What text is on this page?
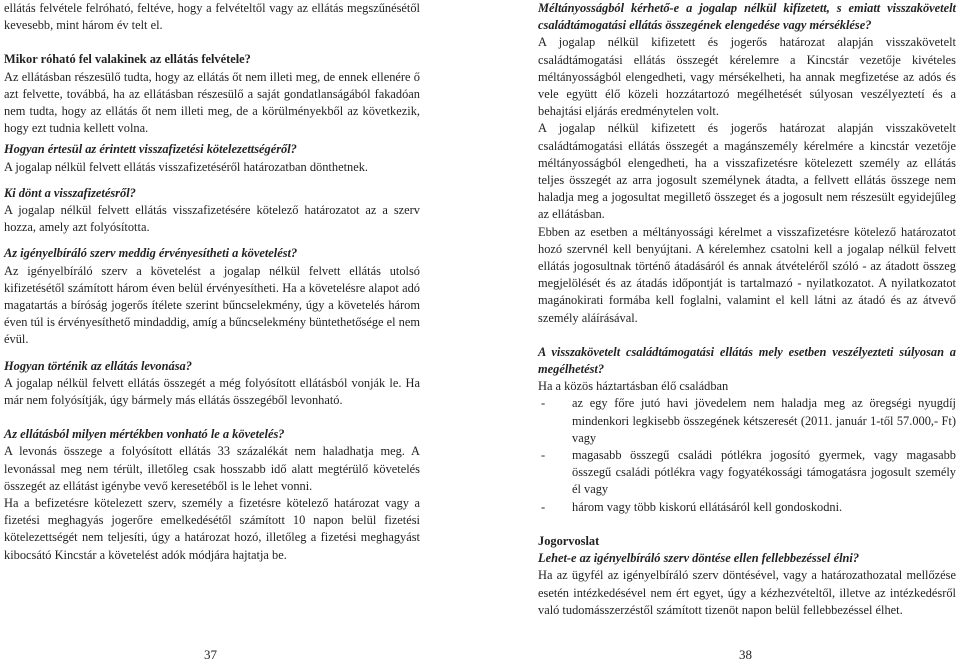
ellátás felvétele felróható, feltéve, hogy a felvételtől vagy az ellátás megszűnésétől kevesebb, mint három év telt el.

Mikor róható fel valakinek az ellátás felvétele?

Az ellátásban részesülő tudta, hogy az ellátás őt nem illeti meg, de ennek ellenére ő azt felvette, továbbá, ha az ellátásban részesülő a saját gondatlanságából fakadóan nem tudta, hogy az ellátás őt nem illeti meg, de a körülményekből az következik, hogy ezt tudnia kellett volna.

Hogyan értesül az érintett visszafizetési kötelezettségéről?

A jogalap nélkül felvett ellátás visszafizetéséről határozatban dönthetnek.

Ki dönt a visszafizetésről?

A jogalap nélkül felvett ellátás visszafizetésére kötelező határozatot az a szerv hozza, amely azt folyósította.

Az igényelbíráló szerv meddig érvényesítheti a követelést?

Az igényelbíráló szerv a követelést a jogalap nélkül felvett ellátás utolsó kifizetésétől számított három éven belül érvényesítheti. Ha a követelésre alapot adó magatartás a bíróság jogerős ítélete szerint bűncselekmény, úgy a követelés három éven túl is érvényesíthető mindaddig, amíg a bűncselekmény büntethetősége el nem évül.

Hogyan történik az ellátás levonása?

A jogalap nélkül felvett ellátás összegét a még folyósított ellátásból vonják le. Ha már nem folyósítják, úgy bármely más ellátás összegéből levonható.

Az ellátásból milyen mértékben vonható le a követelés?

A levonás összege a folyósított ellátás 33 százalékát nem haladhatja meg. A levonással meg nem térült, illetőleg csak hosszabb idő alatt megtérülő követelés összegét az ellátást igénybe vevő keresetéből is le lehet vonni.

Ha a befizetésre kötelezett szerv, személy a fizetésre kötelező határozat vagy a fizetési meghagyás jogerőre emelkedésétől számított 10 napon belül fizetési kötelezettségét nem teljesíti, úgy a határozat hozó, illetőleg a fizetési meghagyást kibocsátó Kincstár a követelést adók módjára hajtatja be.

Méltányosságból kérhető-e a jogalap nélkül kifizetett, s emiatt visszakövetelt családtámogatási ellátás összegének elengedése vagy mérséklése?

A jogalap nélkül kifizetett és jogerős határozat alapján visszakövetelt családtámogatási ellátás összegét kérelemre a Kincstár vezetője kivételes méltányosságból elengedheti, vagy mérsékelheti, ha annak megfizetése az adós és vele együtt élő közeli hozzátartozó megélhetését súlyosan veszélyeztetí és a behajtási eljárás eredménytelen volt.

A jogalap nélkül kifizetett és jogerős határozat alapján visszakövetelt családtámogatási ellátás összegét a magánszemély kérelmére a kincstár vezetője méltányosságból elengedheti, ha a visszafizetésre kötelezett személy az ellátás teljes összegét az arra jogosult személynek átadta, a fellvett ellátás összege nem haladja meg a jogosultat megillető összeget és a jogosult nem részesült egyidejűleg az ellátásban.

Ebben az esetben a méltányossági kérelmet a visszafizetésre kötelező határozatot hozó szervnél kell benyújtani. A kérelemhez csatolni kell a jogalap nélkül felvett ellátás jogosultnak történő átadásáról és annak átvételéről szóló - az átadott összeg megjelölését és az átadás időpontját is tartalmazó - nyilatkozatot. A nyilatkozatot magánokirati formába kell foglalni, valamint el kell látni az átadó és az átvevő személy aláírásával.

A visszakövetelt családtámogatási ellátás mely esetben veszélyezteti súlyosan a megélhetést?

Ha a közös háztartásban élő családban

- az egy főre jutó havi jövedelem nem haladja meg az öregségi nyugdíj mindenkori legkisebb összegének kétszeresét (2011. január 1-től 57.000,- Ft) vagy
- magasabb összegű családi pótlékra jogosító gyermek, vagy magasabb összegű családi pótlékra vagy fogyatékossági támogatásra jogosult személy él vagy
- három vagy több kiskorú ellátásáról kell gondoskodni.

Jogorvoslat

Lehet-e az igényelbíráló szerv döntése ellen fellebbezéssel élni?

Ha az ügyfél az igényelbíráló szerv döntésével, vagy a határozathozatal mellőzése esetén intézkedésével nem ért egyet, úgy a kézhezvételtől, illetve az intézkedésről való tudomásszerzéstől számított tizenöt napon belül fellebbezéssel élhet.

37	38
